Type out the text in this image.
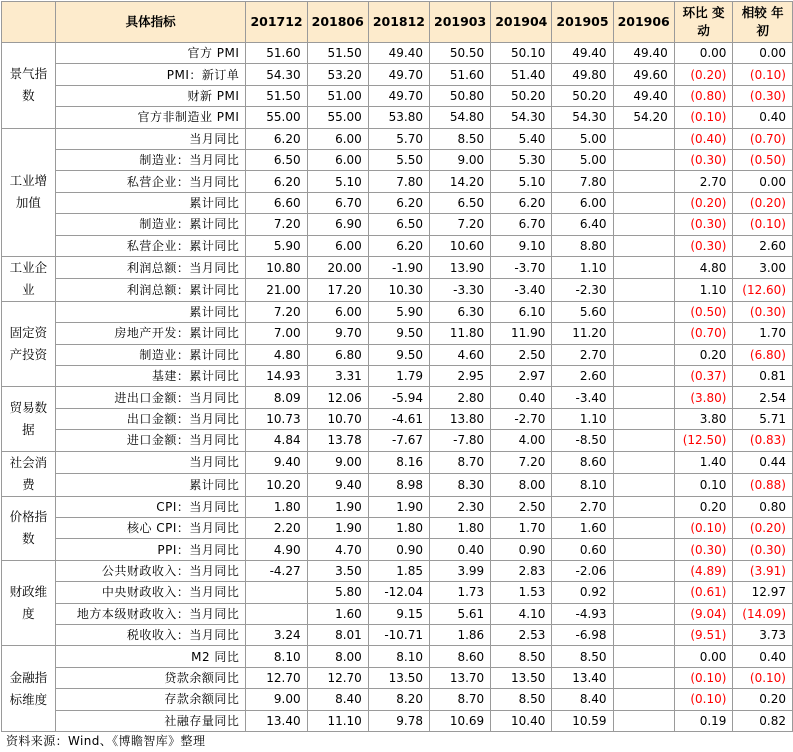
	具体指标	201712	201806	201812	201903	201904	201905	201906	环比 变动	相较 年初
景气指数	官方 PMI	51.60	51.50	49.40	50.50	50.10	49.40	49.40	0.00	0.00
	PMI：新订单	54.30	53.20	49.70	51.60	51.40	49.80	49.60	(0.20)	(0.10)
	财新 PMI	51.50	51.00	49.70	50.80	50.20	50.20	49.40	(0.80)	(0.30)
	官方非制造业 PMI	55.00	55.00	53.80	54.80	54.30	54.30	54.20	(0.10)	0.40
工业增加值	当月同比	6.20	6.00	5.70	8.50	5.40	5.00		(0.40)	(0.70)
	制造业：当月同比	6.50	6.00	5.50	9.00	5.30	5.00		(0.30)	(0.50)
	私营企业：当月同比	6.20	5.10	7.80	14.20	5.10	7.80		2.70	0.00
	累计同比	6.60	6.70	6.20	6.50	6.20	6.00		(0.20)	(0.20)
	制造业：累计同比	7.20	6.90	6.50	7.20	6.70	6.40		(0.30)	(0.10)
	私营企业：累计同比	5.90	6.00	6.20	10.60	9.10	8.80		(0.30)	2.60
工业企业	利润总额：当月同比	10.80	20.00	-1.90	13.90	-3.70	1.10		4.80	3.00
	利润总额：累计同比	21.00	17.20	10.30	-3.30	-3.40	-2.30		1.10	(12.60)
固定资产投资	累计同比	7.20	6.00	5.90	6.30	6.10	5.60		(0.50)	(0.30)
	房地产开发：累计同比	7.00	9.70	9.50	11.80	11.90	11.20		(0.70)	1.70
	制造业：累计同比	4.80	6.80	9.50	4.60	2.50	2.70		0.20	(6.80)
	基建：累计同比	14.93	3.31	1.79	2.95	2.97	2.60		(0.37)	0.81
贸易数据	进出口金额：当月同比	8.09	12.06	-5.94	2.80	0.40	-3.40		(3.80)	2.54
	出口金额：当月同比	10.73	10.70	-4.61	13.80	-2.70	1.10		3.80	5.71
	进口金额：当月同比	4.84	13.78	-7.67	-7.80	4.00	-8.50		(12.50)	(0.83)
社会消费	当月同比	9.40	9.00	8.16	8.70	7.20	8.60		1.40	0.44
	累计同比	10.20	9.40	8.98	8.30	8.00	8.10		0.10	(0.88)
价格指数	CPI：当月同比	1.80	1.90	1.90	2.30	2.50	2.70		0.20	0.80
	核心 CPI：当月同比	2.20	1.90	1.80	1.80	1.70	1.60		(0.10)	(0.20)
	PPI：当月同比	4.90	4.70	0.90	0.40	0.90	0.60		(0.30)	(0.30)
财政维度	公共财政收入：当月同比	-4.27	3.50	1.85	3.99	2.83	-2.06		(4.89)	(3.91)
	中央财政收入：当月同比		5.80	-12.04	1.73	1.53	0.92		(0.61)	12.97
	地方本级财政收入：当月同比		1.60	9.15	5.61	4.10	-4.93		(9.04)	(14.09)
	税收收入：当月同比	3.24	8.01	-10.71	1.86	2.53	-6.98		(9.51)	3.73
金融指标维度	M2 同比	8.10	8.00	8.10	8.60	8.50	8.50		0.00	0.40
	贷款余额同比	12.70	12.70	13.50	13.70	13.50	13.40		(0.10)	(0.10)
	存款余额同比	9.00	8.40	8.20	8.70	8.50	8.40		(0.10)	0.20
	社融存量同比	13.40	11.10	9.78	10.69	10.40	10.59		0.19	0.82
资料来源：Wind、《博瞻智库》整理
